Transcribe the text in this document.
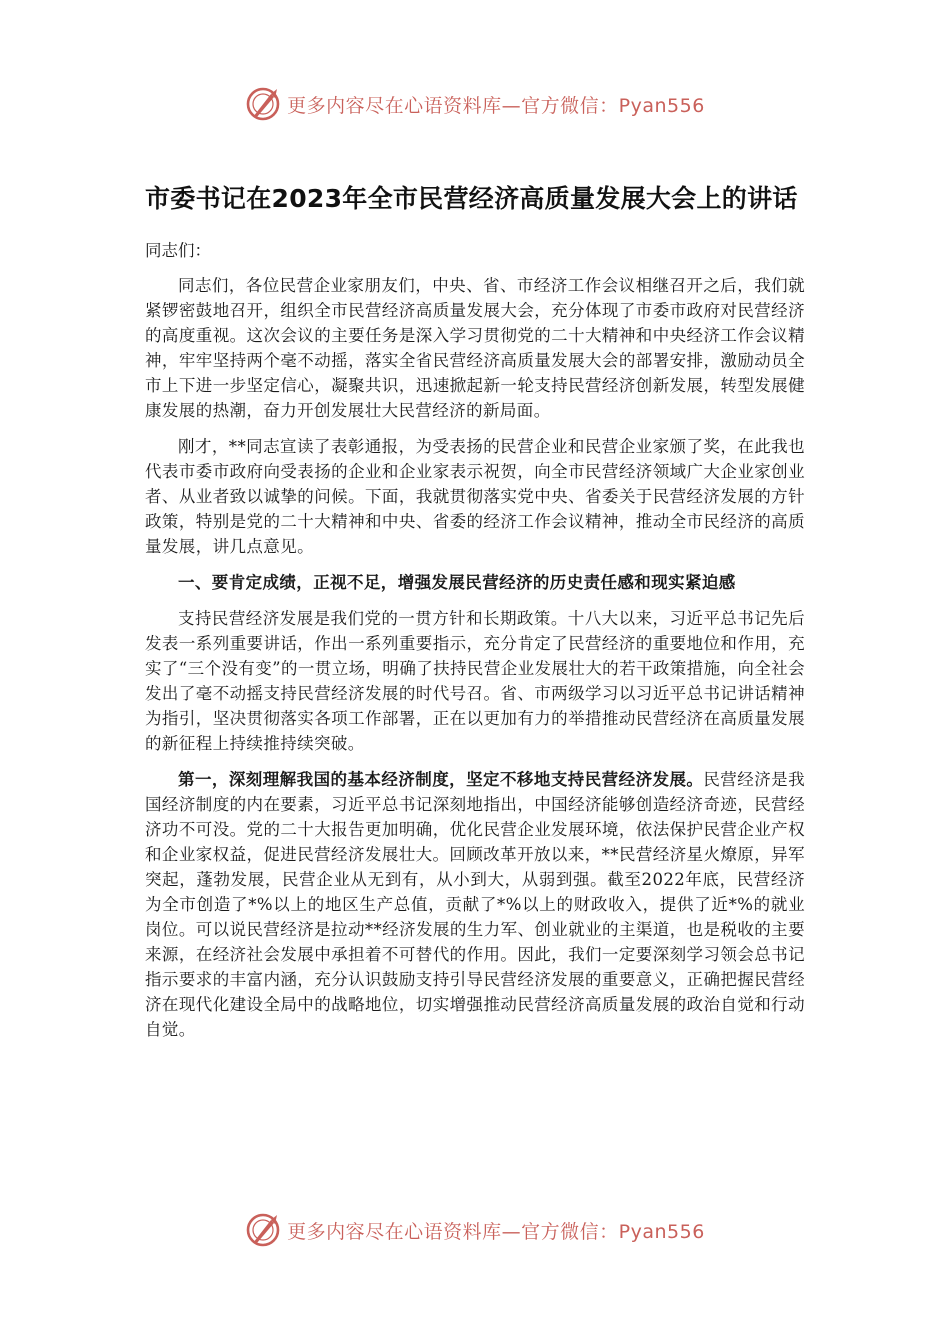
更多内容尽在心语资料库—官方微信：Pyan556
市委书记在2023年全市民营经济高质量发展大会上的讲话

同志们：

同志们，各位民营企业家朋友们，中央、省、市经济工作会议相继召开之后，我们就紧锣密鼓地召开，组织全市民营经济高质量发展大会，充分体现了市委市政府对民营经济的高度重视。这次会议的主要任务是深入学习贯彻党的二十大精神和中央经济工作会议精神，牢牢坚持两个毫不动摇，落实全省民营经济高质量发展大会的部署安排，激励动员全市上下进一步坚定信心，凝聚共识，迅速掀起新一轮支持民营经济创新发展，转型发展健康发展的热潮，奋力开创发展壮大民营经济的新局面。

刚才，**同志宣读了表彰通报，为受表扬的民营企业和民营企业家颁了奖，在此我也代表市委市政府向受表扬的企业和企业家表示祝贺，向全市民营经济领域广大企业家创业者、从业者致以诚挚的问候。下面，我就贯彻落实党中央、省委关于民营经济发展的方针政策，特别是党的二十大精神和中央、省委的经济工作会议精神，推动全市民经济的高质量发展，讲几点意见。

一、要肯定成绩，正视不足，增强发展民营经济的历史责任感和现实紧迫感

支持民营经济发展是我们党的一贯方针和长期政策。十八大以来，习近平总书记先后发表一系列重要讲话，作出一系列重要指示，充分肯定了民营经济的重要地位和作用，充实了“三个没有变”的一贯立场，明确了扶持民营企业发展壮大的若干政策措施，向全社会发出了毫不动摇支持民营经济发展的时代号召。省、市两级学习以习近平总书记讲话精神为指引，坚决贯彻落实各项工作部署，正在以更加有力的举措推动民营经济在高质量发展的新征程上持续推持续突破。

第一，深刻理解我国的基本经济制度，坚定不移地支持民营经济发展。民营经济是我国经济制度的内在要素，习近平总书记深刻地指出，中国经济能够创造经济奇迹，民营经济功不可没。党的二十大报告更加明确，优化民营企业发展环境，依法保护民营企业产权和企业家权益，促进民营经济发展壮大。回顾改革开放以来，**民营经济星火燎原，异军突起，蓬勃发展，民营企业从无到有，从小到大，从弱到强。截至2022年底，民营经济为全市创造了*%以上的地区生产总值，贡献了*%以上的财政收入，提供了近*%的就业岗位。可以说民营经济是拉动**经济发展的生力军、创业就业的主渠道，也是税收的主要来源，在经济社会发展中承担着不可替代的作用。因此，我们一定要深刻学习领会总书记指示要求的丰富内涵，充分认识鼓励支持引导民营经济发展的重要意义，正确把握民营经济在现代化建设全局中的战略地位，切实增强推动民营经济高质量发展的政治自觉和行动自觉。

更多内容尽在心语资料库—官方微信：Pyan556
